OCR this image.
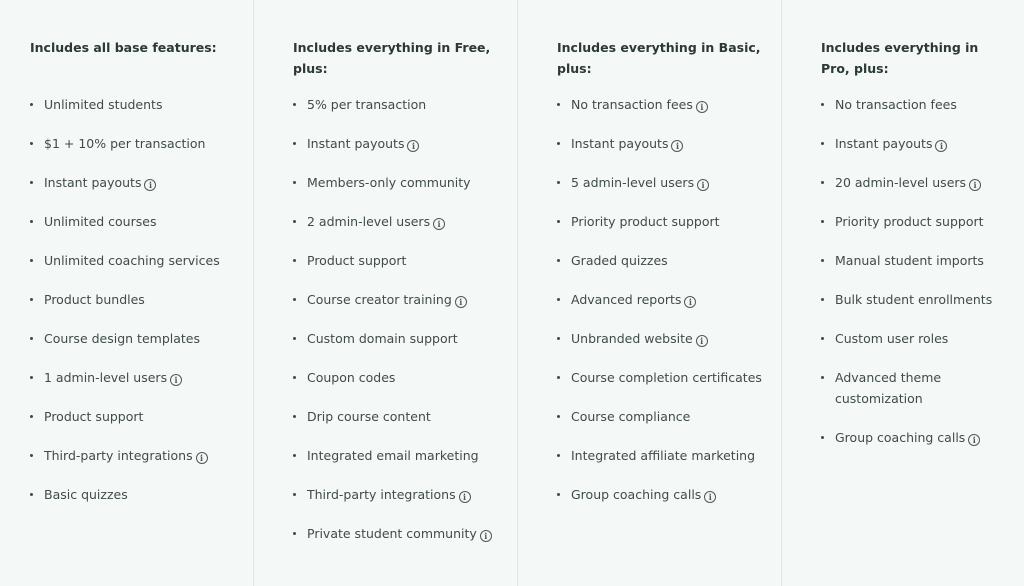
Includes all base features:
Unlimited students
$1 + 10% per transaction
Instant payouts i
Unlimited courses
Unlimited coaching services
Product bundles
Course design templates
1 admin-level users i
Product support
Third-party integrations i
Basic quizzes
Includes everything in Free, plus:
5% per transaction
Instant payouts i
Members-only community
2 admin-level users i
Product support
Course creator training i
Custom domain support
Coupon codes
Drip course content
Integrated email marketing
Third-party integrations i
Private student community i
Includes everything in Basic, plus:
No transaction fees i
Instant payouts i
5 admin-level users i
Priority product support
Graded quizzes
Advanced reports i
Unbranded website i
Course completion certificates
Course compliance
Integrated affiliate marketing
Group coaching calls i
Includes everything in Pro, plus:
No transaction fees
Instant payouts i
20 admin-level users i
Priority product support
Manual student imports
Bulk student enrollments
Custom user roles
Advanced theme customization
Group coaching calls i
